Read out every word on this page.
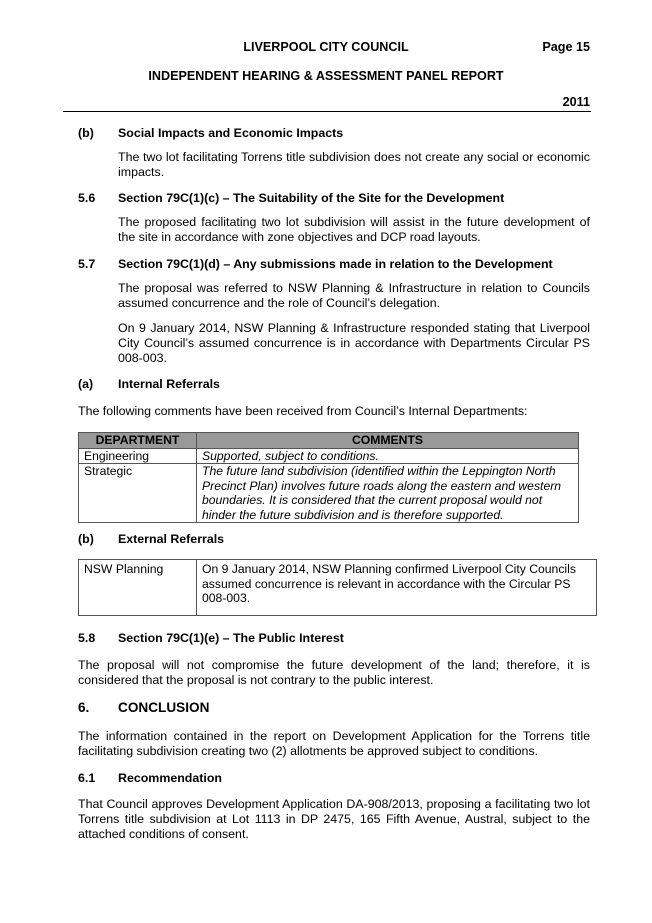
LIVERPOOL CITY COUNCIL	Page 15
INDEPENDENT HEARING & ASSESSMENT PANEL REPORT
2011
(b) Social Impacts and Economic Impacts
The two lot facilitating Torrens title subdivision does not create any social or economic impacts.
5.6 Section 79C(1)(c) – The Suitability of the Site for the Development
The proposed facilitating two lot subdivision will assist in the future development of the site in accordance with zone objectives and DCP road layouts.
5.7 Section 79C(1)(d) – Any submissions made in relation to the Development
The proposal was referred to NSW Planning & Infrastructure in relation to Councils assumed concurrence and the role of Council’s delegation.
On 9 January 2014, NSW Planning & Infrastructure responded stating that Liverpool City Council’s assumed concurrence is in accordance with Departments Circular PS 008-003.
(a) Internal Referrals
The following comments have been received from Council’s Internal Departments:
DEPARTMENT	COMMENTS
Engineering	Supported, subject to conditions.
Strategic	The future land subdivision (identified within the Leppington North Precinct Plan) involves future roads along the eastern and western boundaries. It is considered that the current proposal would not hinder the future subdivision and is therefore supported.
(b) External Referrals
NSW Planning	On 9 January 2014, NSW Planning confirmed Liverpool City Councils assumed concurrence is relevant in accordance with the Circular PS 008-003.
5.8 Section 79C(1)(e) – The Public Interest
The proposal will not compromise the future development of the land; therefore, it is considered that the proposal is not contrary to the public interest.
6. CONCLUSION
The information contained in the report on Development Application for the Torrens title facilitating subdivision creating two (2) allotments be approved subject to conditions.
6.1 Recommendation
That Council approves Development Application DA-908/2013, proposing a facilitating two lot Torrens title subdivision at Lot 1113 in DP 2475, 165 Fifth Avenue, Austral, subject to the attached conditions of consent.
